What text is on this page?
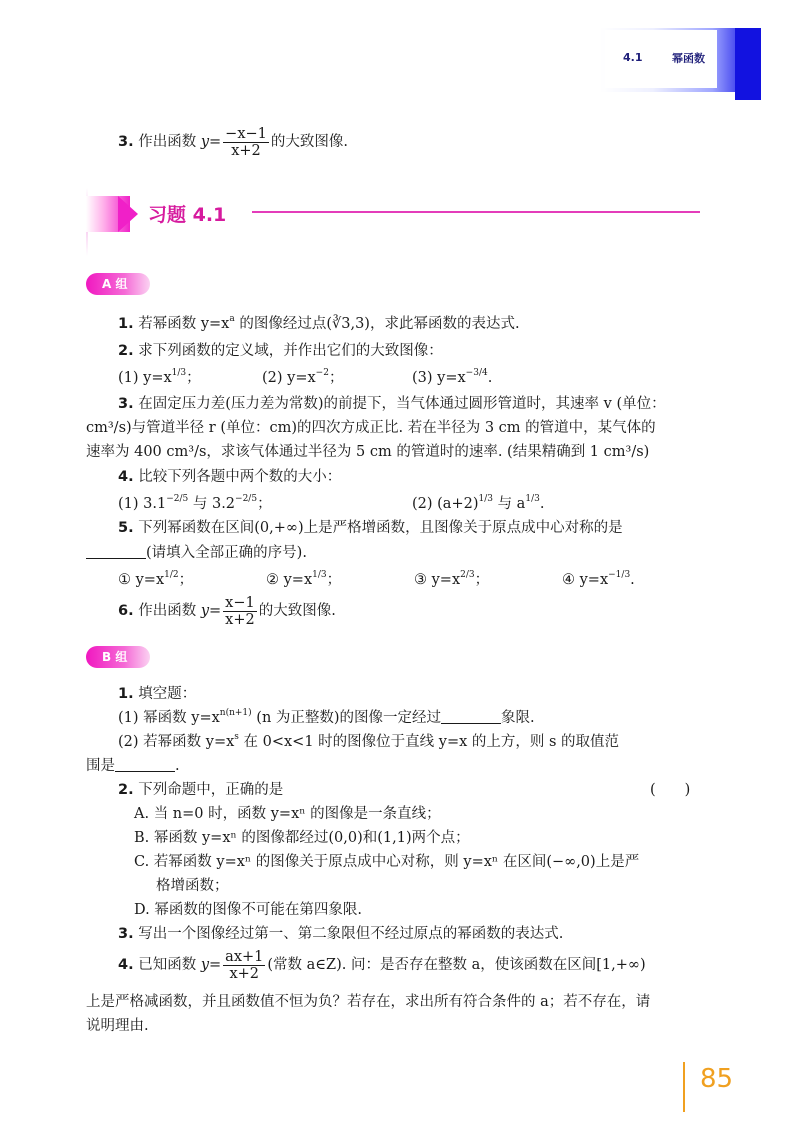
4.1	幂函数
3. 作出函数 $y= \frac{-x-1}{x+2}$ 的大致图像.
习题 4.1
A 组
1. 若幂函数 $y=x^a$ 的图像经过点(∛3,3)，求此幂函数的表达式.
2. 求下列函数的定义域，并作出它们的大致图像：
(1) $y=x^{1/3}$；	(2) $y=x^{-2}$；	(3) $y=x^{-3/4}$.
3. 在固定压力差(压力差为常数)的前提下，当气体通过圆形管道时，其速率 v (单位：
cm³/s)与管道半径 r (单位：cm)的四次方成正比. 若在半径为 3 cm 的管道中，某气体的
速率为 400 cm³/s，求该气体通过半径为 5 cm 的管道时的速率. (结果精确到 1 cm³/s)
4. 比较下列各题中两个数的大小：
(1) $3.1^{-2/5}$ 与 $3.2^{-2/5}$；	(2) $(a+2)^{1/3}$ 与 $a^{1/3}$.
5. 下列幂函数在区间(0,+∞)上是严格增函数，且图像关于原点成中心对称的是
(请填入全部正确的序号).
① $y=x^{1/2}$；	② $y=x^{1/3}$；	③ $y=x^{2/3}$；	④ $y=x^{-1/3}$.
6. 作出函数 $y= \frac{x-1}{x+2}$ 的大致图像.
B 组
1. 填空题：
(1) 幂函数 $y=x^{n(n+1)}$ (n 为正整数)的图像一定经过	象限.
(2) 若幂函数 $y=x^s$ 在 0<x<1 时的图像位于直线 y=x 的上方，则 s 的取值范
围是	.
2. 下列命题中，正确的是	(　　)
A. 当 n=0 时，函数 y=xⁿ 的图像是一条直线；
B. 幂函数 y=xⁿ 的图像都经过(0,0)和(1,1)两个点；
C. 若幂函数 y=xⁿ 的图像关于原点成中心对称，则 y=xⁿ 在区间(−∞,0)上是严
格增函数；
D. 幂函数的图像不可能在第四象限.
3. 写出一个图像经过第一、第二象限但不经过原点的幂函数的表达式.
4. 已知函数 $y= \frac{ax+1}{x+2}$ (常数 a∈Z). 问：是否存在整数 a，使该函数在区间[1,+∞)
上是严格减函数，并且函数值不恒为负？若存在，求出所有符合条件的 a；若不存在，请
说明理由.
85
